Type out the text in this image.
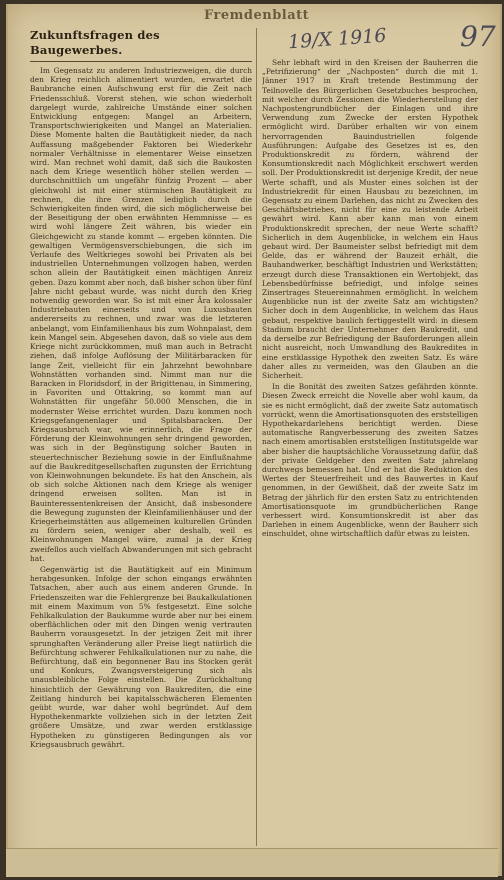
Fremdenblatt
19/X 1916	97
Zukunftsfragen des Baugewerbes.

Im Gegensatz zu anderen Industriezweigen, die durch den Krieg reichlich alimentiert wurden, erwartet die Baubranche einen Aufschwung erst für die Zeit nach Friedensschluß. Vorerst stehen, wie schon wiederholt dargelegt wurde, zahlreiche Umstände einer solchen Entwicklung entgegen: Mangel an Arbeitern, Transportschwierigkeiten und Mangel an Materialien. Diese Momente halten die Bautätigkeit nieder, da nach Auffassung maßgebender Faktoren bei Wiederkehr normaler Verhältnisse in elementarer Weise einsetzen wird. Man rechnet wohl damit, daß sich die Baukosten nach dem Kriege wesentlich höher stellen werden — durchschnittlich um ungefähr fünfzig Prozent — aber gleichwohl ist mit einer stürmischen Bautätigkeit zu rechnen, die ihre Grenzen lediglich durch die Schwierigkeiten finden wird, die sich möglicherweise bei der Beseitigung der oben erwähnten Hemmnisse — es wird wohl längere Zeit währen, bis wieder ein Gleichgewicht zu stande kommt — ergeben könnten. Die gewaltigen Vermögensverschiebungen, die sich im Verlaufe des Weltkrieges sowohl bei Privaten als bei industriellen Unternehmungen vollzogen haben, werden schon allein der Bautätigkeit einen mächtigen Anreiz geben. Dazu kommt aber noch, daß bisher schon über fünf Jahre nicht gebaut wurde, was nicht durch den Krieg notwendig geworden war. So ist mit einer Ära kolossaler Industriebauten einerseits und von Luxusbauten andererseits zu rechnen, und zwar was die letzteren anbelangt, vom Einfamilienhaus bis zum Wohnpalast, dem kein Mangel sein. Abgesehen davon, daß so viele aus dem Kriege nicht zurückkommen, muß man auch in Betracht ziehen, daß infolge Auflösung der Militärbaracken für lange Zeit, vielleicht für ein Jahrzehnt bewohnbare Wohnstätten vorhanden sind. Nimmt man nur die Baracken in Floridsdorf, in der Brigittenau, in Simmering, in Favoriten und Ottakring, so kommt man auf Wohnstätten für ungefähr 50.000 Menschen, die in modernster Weise errichtet wurden. Dazu kommen noch Kriegsgefangenenlager und Spitalsbaracken. Der Kriegsausbruch war, wie erinnerlich, die Frage der Förderung der Kleinwohnungen sehr dringend geworden, was sich in der Begünstigung solcher Bauten in steuertechnischer Beziehung sowie in der Einflußnahme auf die Baukreditgesellschaften zugunsten der Errichtung von Kleinwohnungen bekundete. Es hat den Anschein, als ob sich solche Aktionen nach dem Kriege als weniger dringend erweisen sollten. Man ist in Bauinteressentenkreisen der Ansicht, daß insbesondere die Bewegung zugunsten der Kleinfamilienhäuser und der Kriegerheimstätten aus allgemeinen kulturellen Gründen zu fördern seien, weniger aber deshalb, weil es Kleinwohnungen Mangel wäre, zumal ja der Krieg zweifellos auch vielfach Abwanderungen mit sich gebracht hat.

Gegenwärtig ist die Bautätigkeit auf ein Minimum herabgesunken. Infolge der schon eingangs erwähnten Tatsachen, aber auch aus einem anderen Grunde. In Friedenszeiten war die Fehlergrenze bei Baukalkulationen mit einem Maximum von 5% festgesetzt. Eine solche Fehlkalkulation der Baukumme wurde aber nur bei einem oberflächlichen oder mit den Dingen wenig vertrauten Bauherrn vorausgesetzt. In der jetzigen Zeit mit ihrer sprunghaften Veränderung aller Preise liegt natürlich die Befürchtung schwerer Fehlkalkulationen nur zu nahe, die Befürchtung, daß ein begonnener Bau ins Stocken gerät und Konkurs, Zwangsversteigerung sich als unausbleibliche Folge einstellen. Die Zurückhaltung hinsichtlich der Gewährung von Baukrediten, die eine Zeitlang hindurch bei kapitalsschwächeren Elementen geübt wurde, war daher wohl begründet. Auf dem Hypothekenmarkte vollziehen sich in der letzten Zeit größere Umsätze, und zwar werden erstklassige Hypotheken zu günstigeren Bedingungen als vor Kriegsausbruch gewährt.

Sehr lebhaft wird in den Kreisen der Bauherren die „Petrifizierung“ der „Nachposten“ durch die mit 1. Jänner 1917 in Kraft tretende Bestimmung der Teilnovelle des Bürgerlichen Gesetzbuches besprochen, mit welcher durch Zessionen die Wiederherstellung der Nachpostengrundbücher der Einlagen und ihre Verwendung zum Zwecke der ersten Hypothek ermöglicht wird. Darüber erhalten wir von einem hervorragenden Bauindustriellen folgende Ausführungen: Aufgabe des Gesetzes ist es, den Produktionskredit zu fördern, während der Konsumtionskredit nach Möglichkeit erschwert werden soll. Der Produktionskredit ist derjenige Kredit, der neue Werte schafft, und als Muster eines solchen ist der Industriekredit für einen Hausbau zu bezeichnen, im Gegensatz zu einem Darlehen, das nicht zu Zwecken des Geschäftsbetriebes, nicht für eine zu leistende Arbeit gewährt wird. Kann aber kann man von einem Produktionskredit sprechen, der neue Werte schafft? Sicherlich in dem Augenblicke, in welchem ein Haus gebaut wird. Der Baumeister selbst befriedigt mit dem Gelde, das er während der Bauzeit erhält, die Bauhandwerker, beschäftigt Industrien und Werkstätten; erzeugt durch diese Transaktionen ein Wertobjekt, das Lebensbedürfnisse befriedigt, und infolge seines Zinsertrages Steuereinnahmen ermöglicht. In welchem Augenblicke nun ist der zweite Satz am wichtigsten? Sicher doch in dem Augenblicke, in welchem das Haus gebaut, respektive baulich fertiggestellt wird: in diesem Stadium braucht der Unternehmer den Baukredit, und da derselbe zur Befriedigung der Bauforderungen allein nicht ausreicht, noch Umwandlung des Baukredites in eine erstklassige Hypothek den zweiten Satz. Es wäre daher alles zu vermeiden, was den Glauben an die Sicherheit.

In die Bonität des zweiten Satzes gefährden könnte. Diesen Zweck erreicht die Novelle aber wohl kaum, da sie es nicht ermöglicht, daß der zweite Satz automatisch vorrückt, wenn die Amortisationsquoten des erststelligen Hypothekardarlehens berichtigt werden. Diese automatische Rangverbesserung des zweiten Satzes nach einem amortisablen erststelligen Institutsgelde war aber bisher die hauptsächliche Voraussetzung dafür, daß der private Geldgeber den zweiten Satz jahrelang durchwegs bemessen hat. Und er hat die Reduktion des Wertes der Steuerfreiheit und des Bauwertes in Kauf genommen, in der Gewißheit, daß der zweite Satz im Betrag der jährlich für den ersten Satz zu entrichtenden Amortisationsquote im grundbücherlichen Range verbessert wird. Konsumtionskredit ist aber das Darlehen in einem Augenblicke, wenn der Bauherr sich einschuldet, ohne wirtschaftlich dafür etwas zu leisten.
